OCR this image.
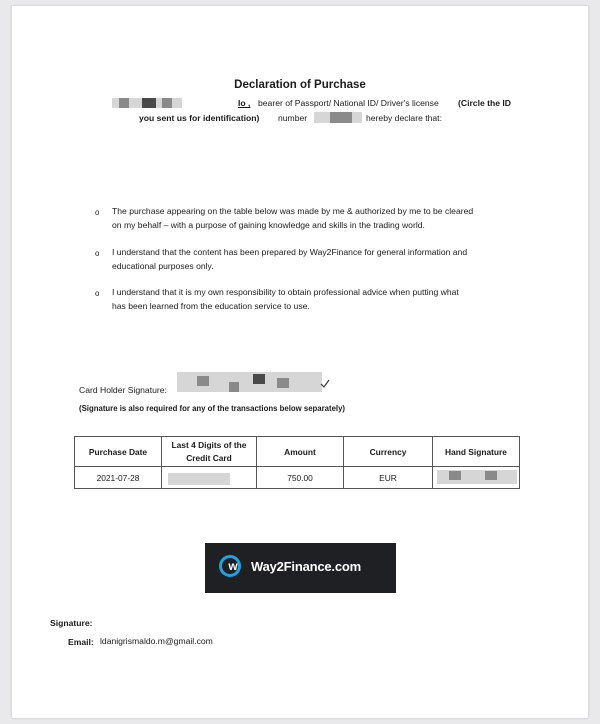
Declaration of Purchase
Io , bearer of Passport/ National ID/ Driver's license (Circle the ID
you sent us for identification) number	hereby declare that:
o The purchase appearing on the table below was made by me & authorized by me to be cleared
on my behalf – with a purpose of gaining knowledge and skills in the trading world.
o I understand that the content has been prepared by Way2Finance for general information and
educational purposes only.
o I understand that it is my own responsibility to obtain professional advice when putting what
has been learned from the education service to use.
Card Holder Signature:
(Signature is also required for any of the transactions below separately)
Purchase Date	Last 4 Digits of the Credit Card	Amount	Currency	Hand Signature
2021-07-28		750.00	EUR	
w	Way2Finance.com
Signature:
Email: ldanigrismaldo.m@gmail.com
